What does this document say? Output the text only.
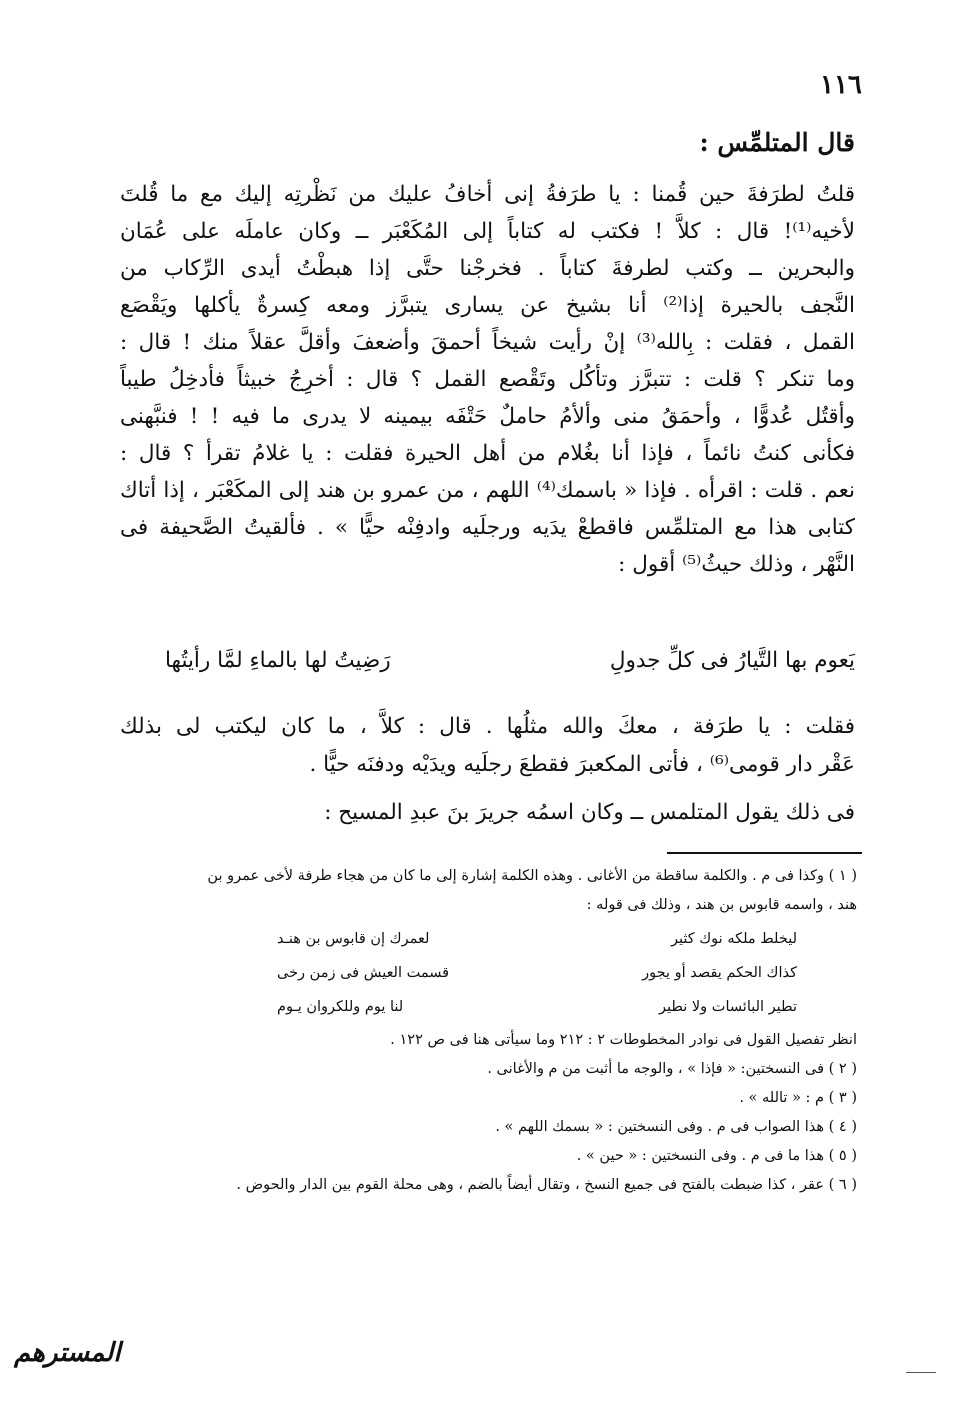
١١٦
قال المتلمِّس :
قلتُ لطرَفةَ حين قُمنا : يا طرَفةُ إنى أخافُ عليك من نَظْرتِه إليك مع ما قُلتَ
لأخيه⁽¹⁾! قال : كلاَّ ! فكتب له كتاباً إلى المُكَعْبَر ــ وكان عاملَه على عُمَان
والبحرين ــ وكتب لطرفةَ كتاباً . فخرجْنا حتَّى إذا هبطْتُ أيدى الرِّكاب من
النَّجف بالحيرة إذا⁽²⁾ أنا بشيخ عن يسارى يتبرَّز ومعه كِسرةٌ يأكلها ويَقْصَع
القمل ، فقلت : بِالله⁽³⁾ إنْ رأيت شيخاً أحمقَ وأضعفَ وأقلَّ عقلاً منك ! قال :
وما تنكر ؟ قلت : تتبرَّز وتأكُل وتَقْصع القمل ؟ قال : أخرِجُ خبيثاً فأدخِلُ طيباً
وأقتُل عُدوًّا ، وأحمَقُ منى وألأمُ حاملٌ حَتْفَه بيمينه لا يدرى ما فيه ! ! فنبَّهنى
فكأنى كنتُ نائماً ، فإذا أنا بغُلام من أهل الحيرة فقلت : يا غلامُ تقرأ ؟ قال :
نعم . قلت : اقرأه . فإذا « باسمك⁽⁴⁾ اللهم ، من عمرو بن هند إلى المكَعْبَر ، إذا أتاك
كتابى هذا مع المتلمِّس فاقطعْ يدَيه ورجلَيه وادفِنْه حيًّا » . فألقيتُ الصَّحيفة فى
النَّهْر ، وذلك حيثُ⁽⁵⁾ أقول :
رَضِيتُ لها بالماءِ لمَّا رأيتُها	يَعوم بها التَّيارُ فى كلِّ جدولِ
فقلت : يا طرَفة ، معكَ والله مثلُها . قال : كلاَّ ، ما كان ليكتب لى بذلك
عَقْر دار قومى⁽⁶⁾ ، فأتى المكعبرَ فقطعَ رجلَيه ويدَيْه ودفنَه حيًّا .
فى ذلك يقول المتلمس ــ وكان اسمُه جريرَ بنَ عبدِ المسيح :
( ١ ) وكذا فى م . والكلمة ساقطة من الأغانى . وهذه الكلمة إشارة إلى ما كان من هجاء طرفة لأخى عمرو بن
هند ، واسمه قابوس بن هند ، وذلك فى قوله :
لعمرك إن قابوس بن هنـد	ليخلط ملكه نوك كثير
قسمت العيش فى زمن رخى	كذاك الحكم يقصد أو يجور
لنا يوم وللكروان يـوم	تطير البائسات ولا نطير
انظر تفصيل القول فى نوادر المخطوطات ٢ : ٢١٢ وما سيأتى هنا فى ص ١٢٢ .
( ٢ ) فى النسختين: « فإذا » ، والوجه ما أثبت من م والأغانى .
( ٣ ) م : « تالله » .
( ٤ ) هذا الصواب فى م . وفى النسختين : « بسمك اللهم » .
( ٥ ) هذا ما فى م . وفى النسختين : « حين » .
( ٦ ) عقر ، كذا ضبطت بالفتح فى جميع النسخ ، وتقال أيضاً بالضم ، وهى محلة القوم بين الدار والحوض .
المسترهم
